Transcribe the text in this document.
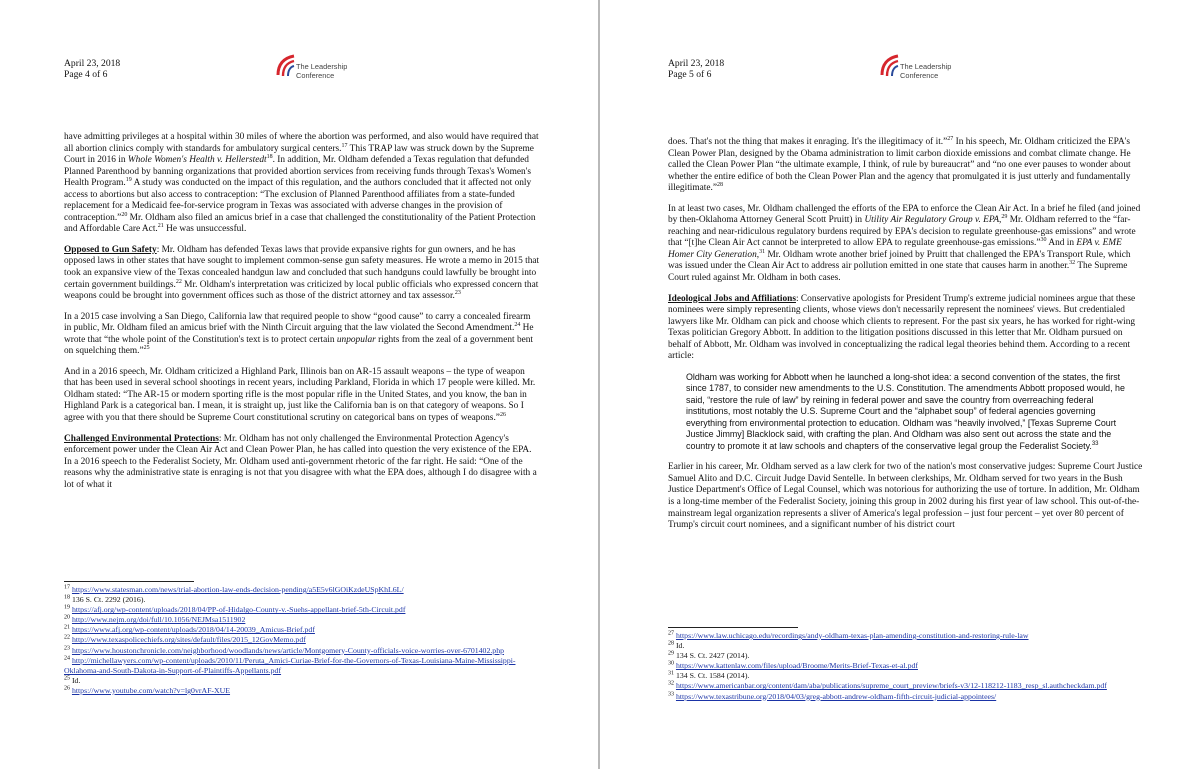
April 23, 2018
Page 4 of 6
The Leadership
Conference

have admitting privileges at a hospital within 30 miles of where the abortion was performed, and also would have required that all abortion clinics comply with standards for ambulatory surgical centers.$^{17}$ This TRAP law was struck down by the Supreme Court in 2016 in Whole Women's Health v. Hellerstedt$^{18}$. In addition, Mr. Oldham defended a Texas regulation that defunded Planned Parenthood by banning organizations that provided abortion services from receiving funds through Texas's Women's Health Program.$^{19}$ A study was conducted on the impact of this regulation, and the authors concluded that it affected not only access to abortions but also access to contraception: “The exclusion of Planned Parenthood affiliates from a state-funded replacement for a Medicaid fee-for-service program in Texas was associated with adverse changes in the provision of contraception.”$^{20}$ Mr. Oldham also filed an amicus brief in a case that challenged the constitutionality of the Patient Protection and Affordable Care Act.$^{21}$ He was unsuccessful.

Opposed to Gun Safety: Mr. Oldham has defended Texas laws that provide expansive rights for gun owners, and he has opposed laws in other states that have sought to implement common-sense gun safety measures. He wrote a memo in 2015 that took an expansive view of the Texas concealed handgun law and concluded that such handguns could lawfully be brought into certain government buildings.$^{22}$ Mr. Oldham's interpretation was criticized by local public officials who expressed concern that weapons could be brought into government offices such as those of the district attorney and tax assessor.$^{23}$

In a 2015 case involving a San Diego, California law that required people to show “good cause” to carry a concealed firearm in public, Mr. Oldham filed an amicus brief with the Ninth Circuit arguing that the law violated the Second Amendment.$^{24}$ He wrote that “the whole point of the Constitution's text is to protect certain unpopular rights from the zeal of a government bent on squelching them.”$^{25}$

And in a 2016 speech, Mr. Oldham criticized a Highland Park, Illinois ban on AR-15 assault weapons – the type of weapon that has been used in several school shootings in recent years, including Parkland, Florida in which 17 people were killed. Mr. Oldham stated: “The AR-15 or modern sporting rifle is the most popular rifle in the United States, and you know, the ban in Highland Park is a categorical ban. I mean, it is straight up, just like the California ban is on that category of weapons. So I agree with you that there should be Supreme Court constitutional scrutiny on categorical bans on types of weapons.”$^{26}$

Challenged Environmental Protections: Mr. Oldham has not only challenged the Environmental Protection Agency's enforcement power under the Clean Air Act and Clean Power Plan, he has called into question the very existence of the EPA. In a 2016 speech to the Federalist Society, Mr. Oldham used anti-government rhetoric of the far right. He said: “One of the reasons why the administrative state is enraging is not that you disagree with what the EPA does, although I do disagree with a lot of what it

$^{17}$ https://www.statesman.com/news/trial-abortion-law-ends-decision-pending/a5E5v6lGOiKzdeUSpKhL6L/
$^{18}$ 136 S. Ct. 2292 (2016).
$^{19}$ https://afj.org/wp-content/uploads/2018/04/PP-of-Hidalgo-County-v.-Suehs-appellant-brief-5th-Circuit.pdf
$^{20}$ http://www.nejm.org/doi/full/10.1056/NEJMsa1511902
$^{21}$ https://www.afj.org/wp-content/uploads/2018/04/14-20039_Amicus-Brief.pdf
$^{22}$ http://www.texaspolicechiefs.org/sites/default/files/2015_12GovMemo.pdf
$^{23}$ https://www.houstonchronicle.com/neighborhood/woodlands/news/article/Montgomery-County-officials-voice-worries-over-6701402.php
$^{24}$ http://michellawyers.com/wp-content/uploads/2010/11/Peruta_Amici-Curiae-Brief-for-the-Governors-of-Texas-Louisiana-Maine-Mississippi-Oklahoma-and-South-Dakota-in-Support-of-Plaintiffs-Appellants.pdf
$^{25}$ Id.
$^{26}$ https://www.youtube.com/watch?v=lg0vrAF-XUE
April 23, 2018
Page 5 of 6
The Leadership
Conference

does. That's not the thing that makes it enraging. It's the illegitimacy of it.”$^{27}$ In his speech, Mr. Oldham criticized the EPA's Clean Power Plan, designed by the Obama administration to limit carbon dioxide emissions and combat climate change. He called the Clean Power Plan “the ultimate example, I think, of rule by bureaucrat” and “no one ever pauses to wonder about whether the entire edifice of both the Clean Power Plan and the agency that promulgated it is just utterly and fundamentally illegitimate.”$^{28}$

In at least two cases, Mr. Oldham challenged the efforts of the EPA to enforce the Clean Air Act. In a brief he filed (and joined by then-Oklahoma Attorney General Scott Pruitt) in Utility Air Regulatory Group v. EPA,$^{29}$ Mr. Oldham referred to the “far-reaching and near-ridiculous regulatory burdens required by EPA's decision to regulate greenhouse-gas emissions” and wrote that “[t]he Clean Air Act cannot be interpreted to allow EPA to regulate greenhouse-gas emissions.”$^{30}$ And in EPA v. EME Homer City Generation,$^{31}$ Mr. Oldham wrote another brief joined by Pruitt that challenged the EPA's Transport Rule, which was issued under the Clean Air Act to address air pollution emitted in one state that causes harm in another.$^{32}$ The Supreme Court ruled against Mr. Oldham in both cases.

Ideological Jobs and Affiliations: Conservative apologists for President Trump's extreme judicial nominees argue that these nominees were simply representing clients, whose views don't necessarily represent the nominees' views. But credentialed lawyers like Mr. Oldham can pick and choose which clients to represent. For the past six years, he has worked for right-wing Texas politician Gregory Abbott. In addition to the litigation positions discussed in this letter that Mr. Oldham pursued on behalf of Abbott, Mr. Oldham was involved in conceptualizing the radical legal theories behind them. According to a recent article:

Oldham was working for Abbott when he launched a long-shot idea: a second convention of the states, the first since 1787, to consider new amendments to the U.S. Constitution. The amendments Abbott proposed would, he said, “restore the rule of law” by reining in federal power and save the country from overreaching federal institutions, most notably the U.S. Supreme Court and the “alphabet soup” of federal agencies governing everything from environmental protection to education. Oldham was “heavily involved,” [Texas Supreme Court Justice Jimmy] Blacklock said, with crafting the plan. And Oldham was also sent out across the state and the country to promote it at law schools and chapters of the conservative legal group the Federalist Society.$^{33}$

Earlier in his career, Mr. Oldham served as a law clerk for two of the nation's most conservative judges: Supreme Court Justice Samuel Alito and D.C. Circuit Judge David Sentelle. In between clerkships, Mr. Oldham served for two years in the Bush Justice Department's Office of Legal Counsel, which was notorious for authorizing the use of torture. In addition, Mr. Oldham is a long-time member of the Federalist Society, joining this group in 2002 during his first year of law school. This out-of-the-mainstream legal organization represents a sliver of America's legal profession – just four percent – yet over 80 percent of Trump's circuit court nominees, and a significant number of his district court

$^{27}$ https://www.law.uchicago.edu/recordings/andy-oldham-texas-plan-amending-constitution-and-restoring-rule-law
$^{28}$ Id.
$^{29}$ 134 S. Ct. 2427 (2014).
$^{30}$ https://www.kattenlaw.com/files/upload/Broome/Merits-Brief-Texas-et-al.pdf
$^{31}$ 134 S. Ct. 1584 (2014).
$^{32}$ https://www.americanbar.org/content/dam/aba/publications/supreme_court_preview/briefs-v3/12-118212-1183_resp_sl.authcheckdam.pdf
$^{33}$ https://www.texastribune.org/2018/04/03/greg-abbott-andrew-oldham-fifth-circuit-judicial-appointees/
